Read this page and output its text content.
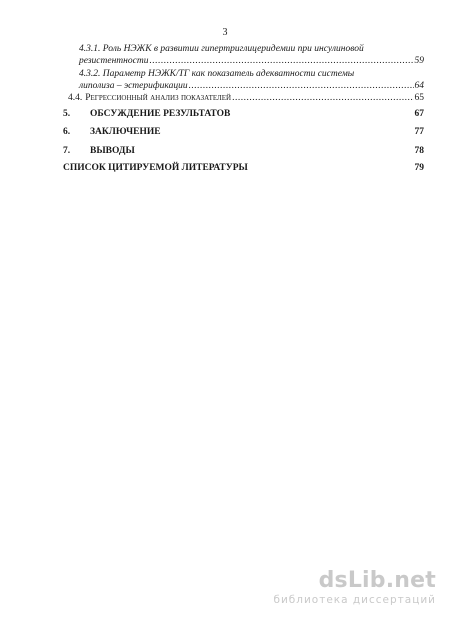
3
4.3.1. Роль НЭЖК в развитии гипертриглицеридемии при инсулиновой
резистентности .....	59
4.3.2. Параметр НЭЖК/ТГ как показатель адекватности системы
липолиза – эстерификации .....	64
4.4. Регрессионный анализ показателей .....	65
5. ОБСУЖДЕНИЕ РЕЗУЛЬТАТОВ	67
6. ЗАКЛЮЧЕНИЕ	77
7. ВЫВОДЫ	78
СПИСОК ЦИТИРУЕМОЙ ЛИТЕРАТУРЫ	79
dsLib.net
библиотека диссертаций
